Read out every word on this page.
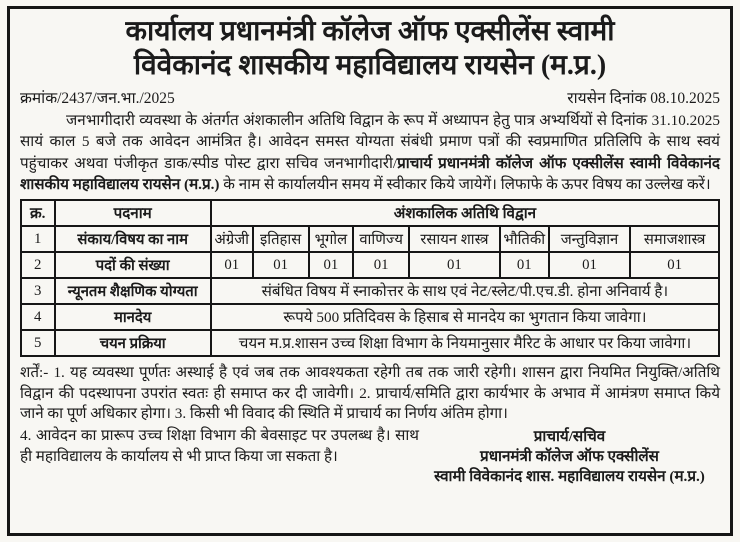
कार्यालय प्रधानमंत्री कॉलेज ऑफ एक्सीलेंस स्वामी
विवेकानंद शासकीय महाविद्यालय रायसेन (म.प्र.)
क्रमांक/2437/जन.भा./2025	रायसेन दिनांक 08.10.2025

जनभागीदारी व्यवस्था के अंतर्गत अंशकालीन अतिथि विद्वान के रूप में अध्यापन हेतु पात्र अभ्यर्थियों से दिनांक 31.10.2025 सायं काल 5 बजे तक आवेदन आमंत्रित है। आवेदन समस्त योग्यता संबंधी प्रमाण पत्रों की स्वप्रमाणित प्रतिलिपि के साथ स्वयं पहुंचाकर अथवा पंजीकृत डाक/स्पीड पोस्ट द्वारा सचिव जनभागीदारी/प्राचार्य प्रधानमंत्री कॉलेज ऑफ एक्सीलेंस स्वामी विवेकानंद शासकीय महाविद्यालय रायसेन (म.प्र.) के नाम से कार्यालयीन समय में स्वीकार किये जायेगें। लिफाफे के ऊपर विषय का उल्लेख करें।

क्र.	पदनाम	अंशकालिक अतिथि विद्वान							
1	संकाय/विषय का नाम	अंग्रेजी	इतिहास	भूगोल	वाणिज्य	रसायन शास्त्र	भौतिकी	जन्तुविज्ञान	समाजशास्त्र
2	पदों की संख्या	01	01	01	01	01	01	01	01
3	न्यूनतम शैक्षणिक योग्यता	संबंधित विषय में स्नाकोत्तर के साथ एवं नेट/स्लेट/पी.एच.डी. होना अनिवार्य है।							
4	मानदेय	रूपये 500 प्रतिदिवस के हिसाब से मानदेय का भुगतान किया जावेगा।							
5	चयन प्रक्रिया	चयन म.प्र.शासन उच्च शिक्षा विभाग के नियमानुसार मैरिट के आधार पर किया जावेगा।							

शर्तें:- 1. यह व्यवस्था पूर्णतः अस्थाई है एवं जब तक आवश्यकता रहेगी तब तक जारी रहेगी। शासन द्वारा नियमित नियुक्ति/अतिथि विद्वान की पदस्थापना उपरांत स्वतः ही समाप्त कर दी जावेगी। 2. प्राचार्य/समिति द्वारा कार्यभार के अभाव में आमंत्रण समाप्त किये जाने का पूर्ण अधिकार होगा। 3. किसी भी विवाद की स्थिति में प्राचार्य का निर्णय अंतिम होगा।

4. आवेदन का प्रारूप उच्च शिक्षा विभाग की बेवसाइट पर उपलब्ध है। साथ ही महाविद्यालय के कार्यालय से भी प्राप्त किया जा सकता है।

प्राचार्य/सचिव
प्रधानमंत्री कॉलेज ऑफ एक्सीलेंस
स्वामी विवेकानंद शास. महाविद्यालय रायसेन (म.प्र.)
